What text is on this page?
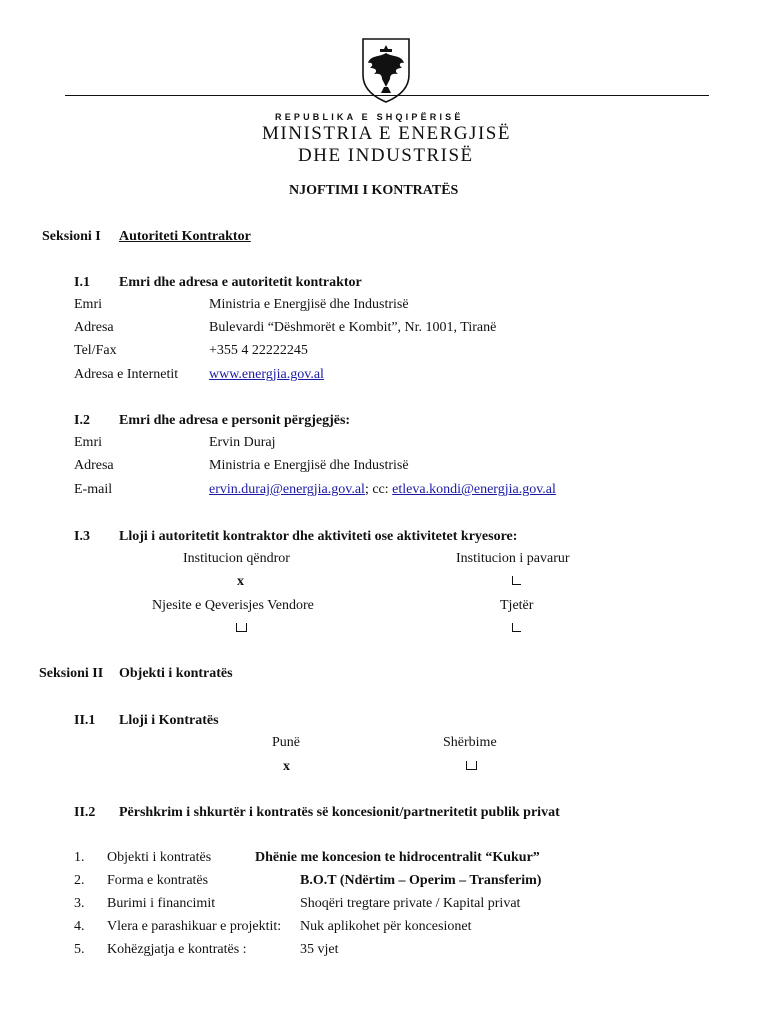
REPUBLIKA E SHQIPËRISË
MINISTRIA E ENERGJISË
DHE INDUSTRISË
NJOFTIMI I KONTRATËS
Seksioni I Autoriteti Kontraktor
I.1 Emri dhe adresa e autoritetit kontraktor
Emri	Ministria e Energjisë dhe Industrisë
Adresa	Bulevardi “Dëshmorët e Kombit”, Nr. 1001, Tiranë
Tel/Fax	+355 4 22222245
Adresa e Internetit www.energjia.gov.al
I.2 Emri dhe adresa e personit përgjegjës:
Emri	Ervin Duraj
Adresa	Ministria e Energjisë dhe Industrisë
E-mail	ervin.duraj@energjia.gov.al; cc: etleva.kondi@energjia.gov.al
I.3 Lloji i autoritetit kontraktor dhe aktiviteti ose aktivitetet kryesore:
Institucion qëndror	Institucion i pavarur
x
Njesite e Qeverisjes Vendore	Tjetër
Seksioni II Objekti i kontratës
II.1 Lloji i Kontratës
Punë	Shërbime
x
II.2 Përshkrim i shkurtër i kontratës së koncesionit/partneritetit publik privat
1. Objekti i kontratës	Dhënie me koncesion te hidrocentralit “Kukur”
2. Forma e kontratës	B.O.T (Ndërtim – Operim – Transferim)
3. Burimi i financimit	Shoqëri tregtare private / Kapital privat
4. Vlera e parashikuar e projektit: Nuk aplikohet për koncesionet
5. Kohëzgjatja e kontratës :	35 vjet
